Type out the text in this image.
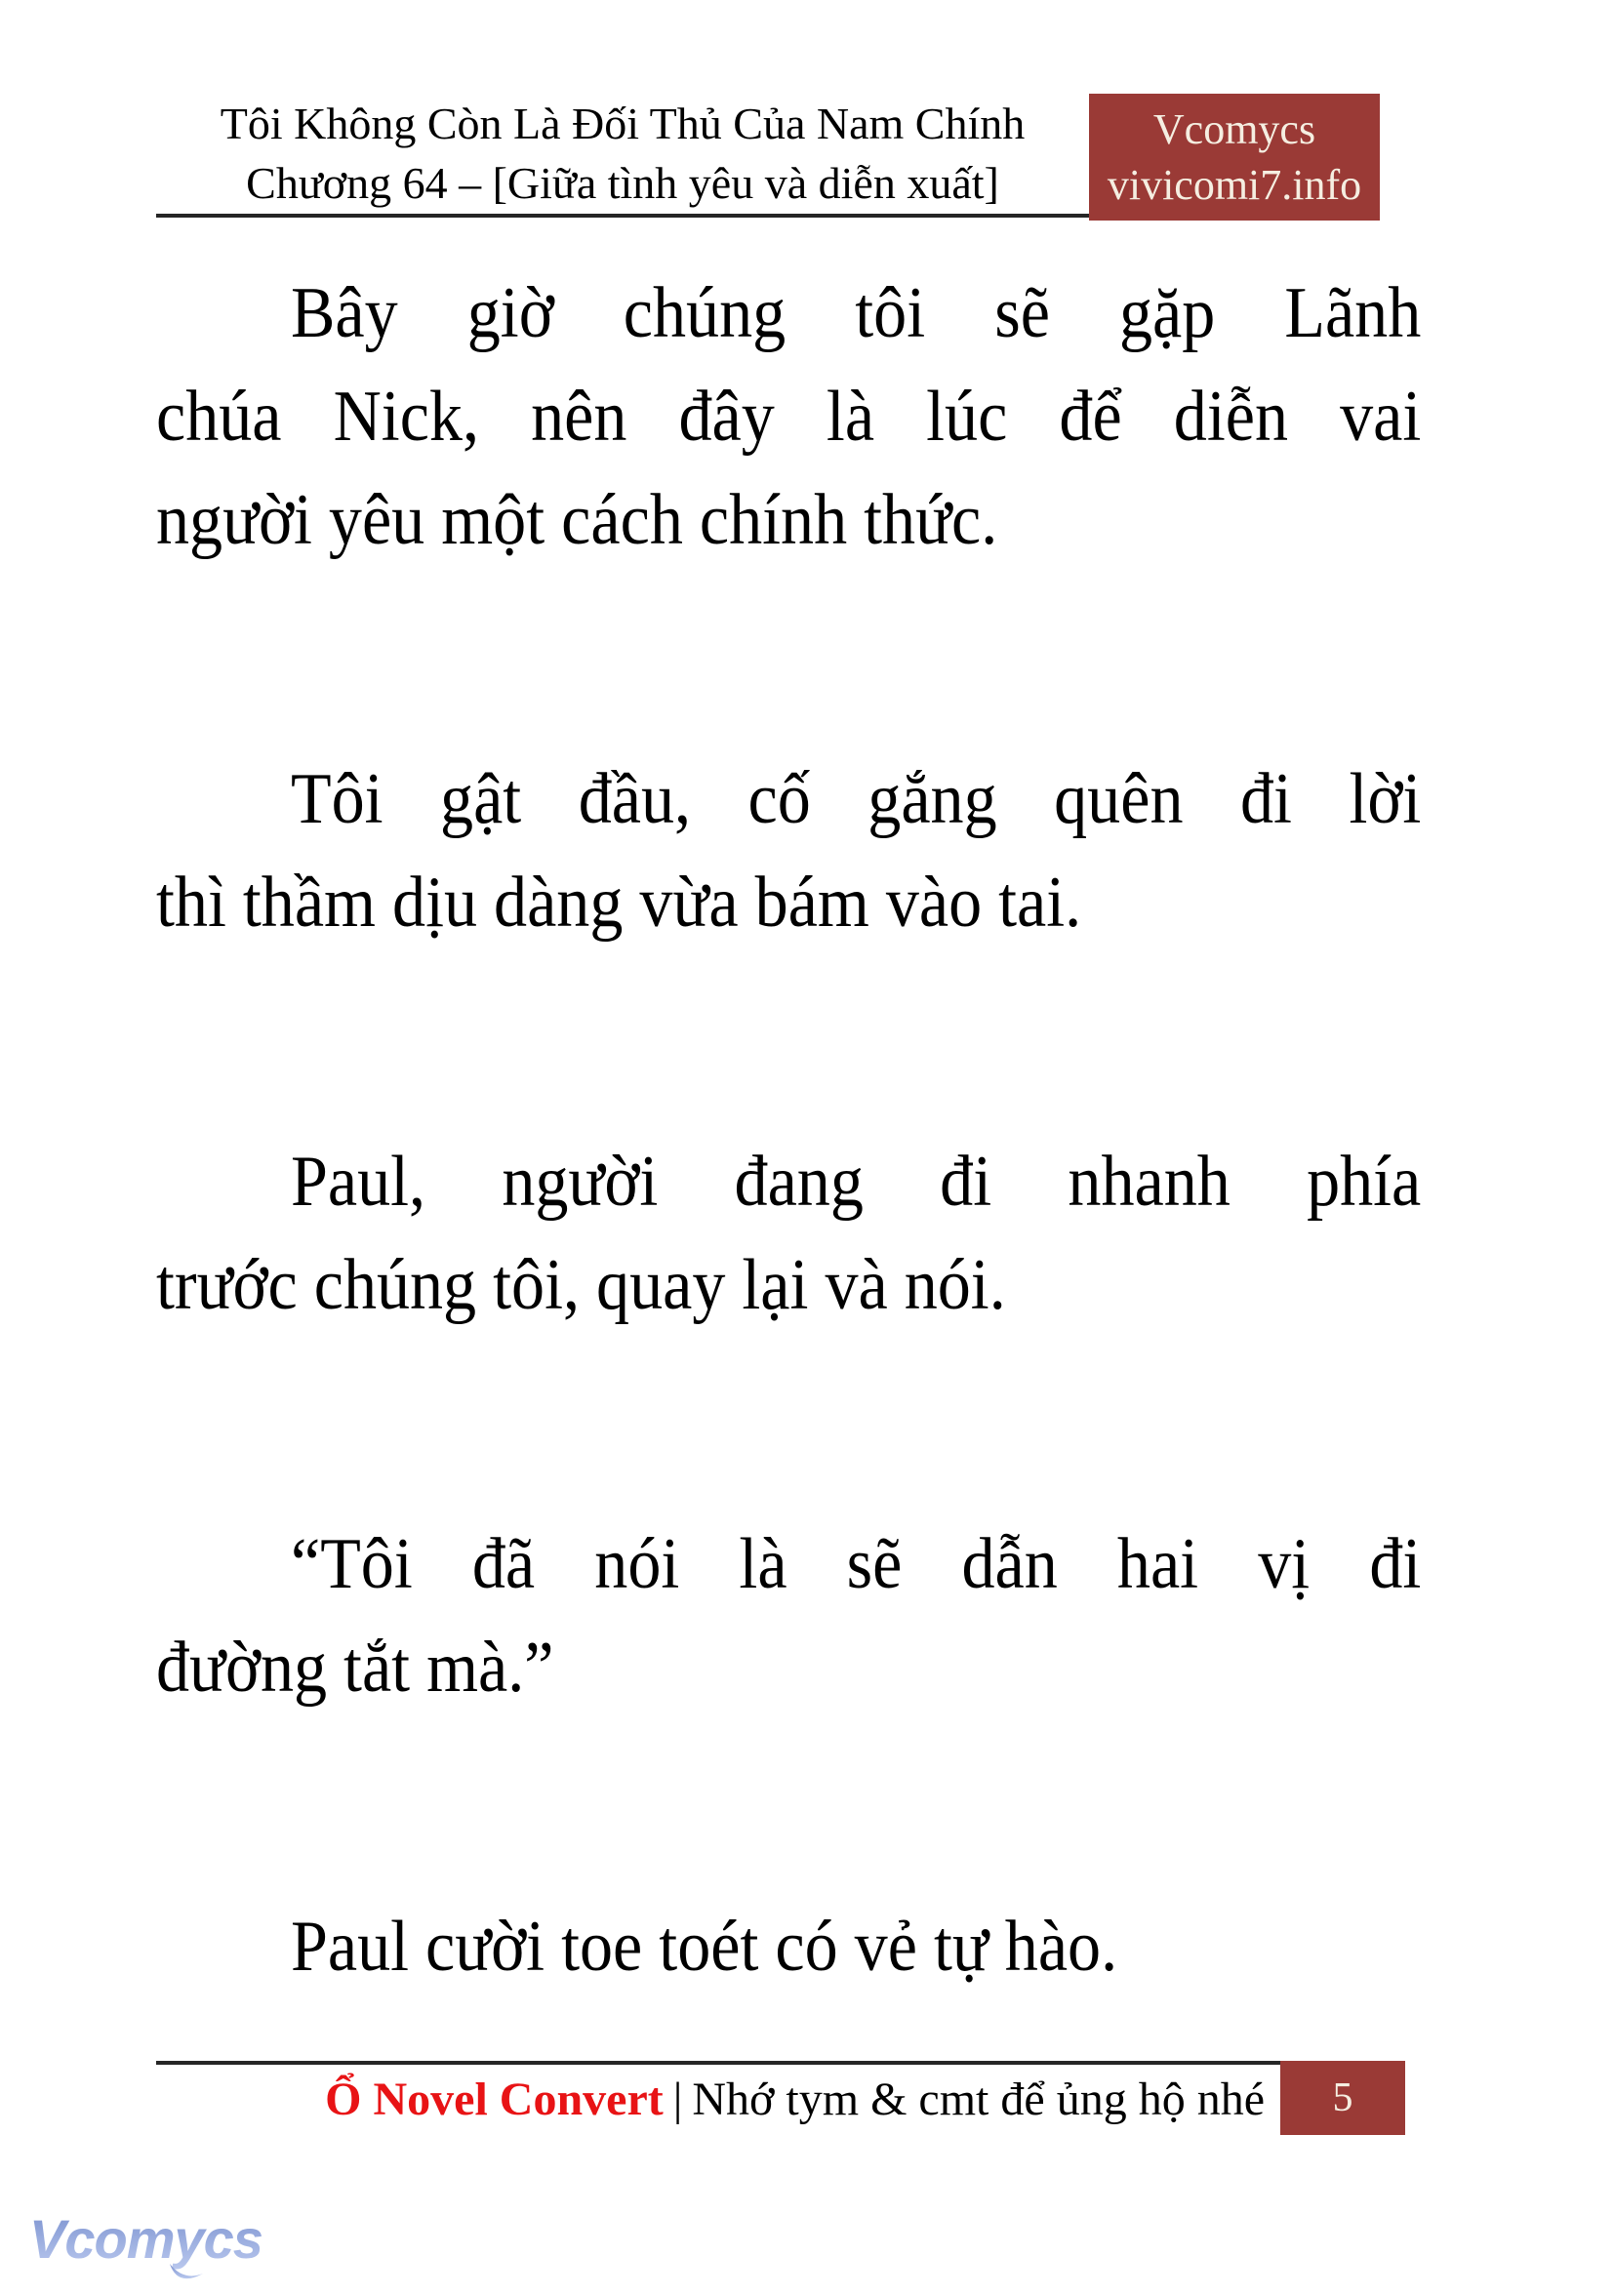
Tôi Không Còn Là Đối Thủ Của Nam Chính
Chương 64 – [Giữa tình yêu và diễn xuất]
Vcomycs
vivicomi7.info
Bây giờ chúng tôi sẽ gặp Lãnh
chúa Nick, nên đây là lúc để diễn vai
người yêu một cách chính thức.
Tôi gật đầu, cố gắng quên đi lời
thì thầm dịu dàng vừa bám vào tai.
Paul, người đang đi nhanh phía
trước chúng tôi, quay lại và nói.
“Tôi đã nói là sẽ dẫn hai vị đi
đường tắt mà.”
Paul cười toe toét có vẻ tự hào.
Ổ Novel Convert | Nhớ tym & cmt để ủng hộ nhé 5
Vcomycs
